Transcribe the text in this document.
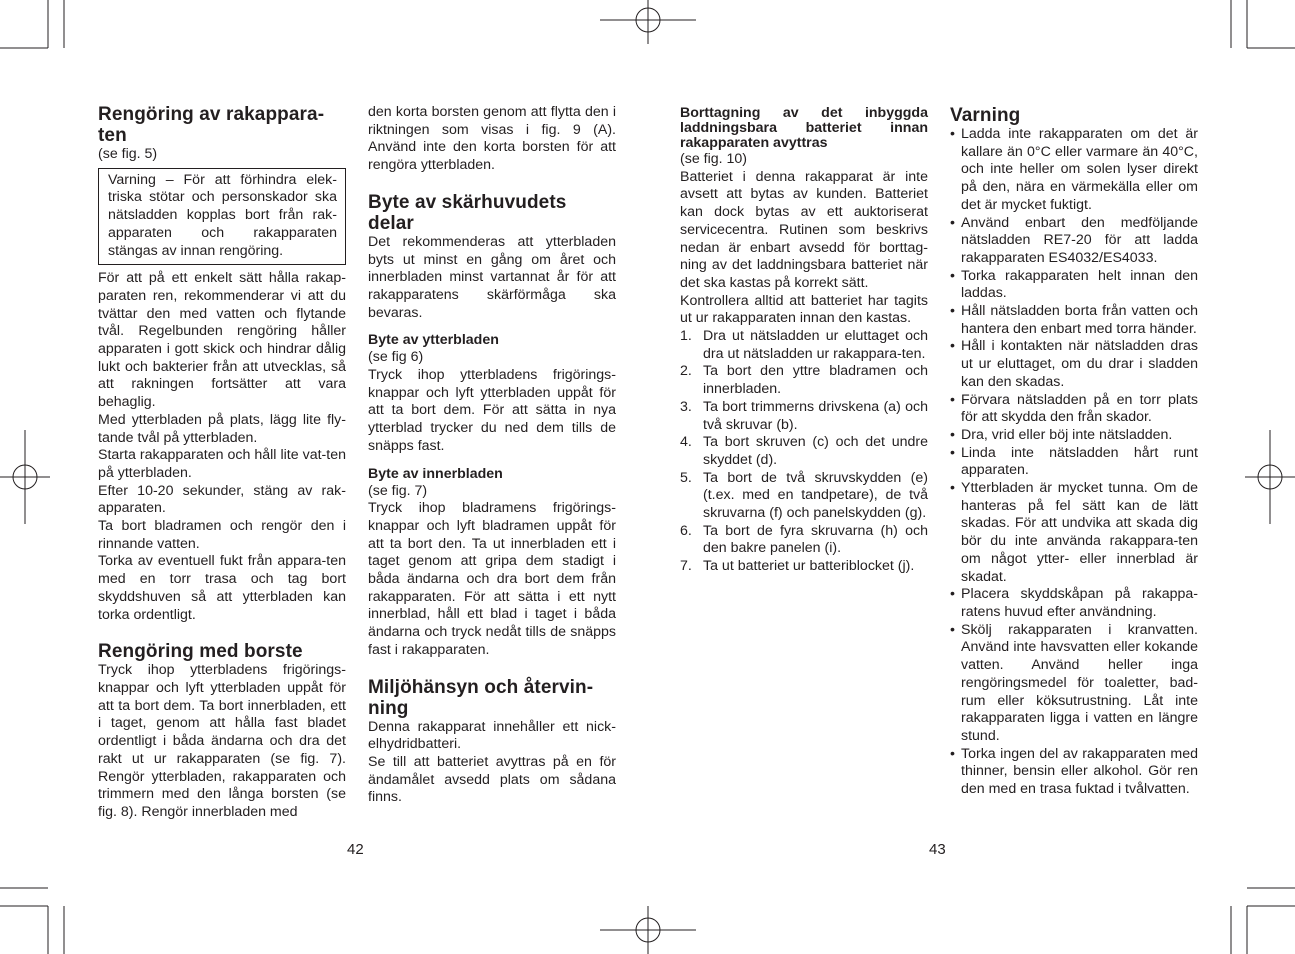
Rengöring av rakappara-ten
(se fig. 5)
Varning – För att förhindra elek-triska stötar och personskador ska nätsladden kopplas bort från rak-apparaten och rakapparaten stängas av innan rengöring.
För att på ett enkelt sätt hålla rakap-paraten ren, rekommenderar vi att du tvättar den med vatten och flytande tvål. Regelbunden rengöring håller apparaten i gott skick och hindrar dålig lukt och bakterier från att utvecklas, så att rakningen fortsätter att vara behaglig.
Med ytterbladen på plats, lägg lite fly-tande tvål på ytterbladen.
Starta rakapparaten och håll lite vat-ten på ytterbladen.
Efter 10-20 sekunder, stäng av rak-apparaten.
Ta bort bladramen och rengör den i rinnande vatten.
Torka av eventuell fukt från appara-ten med en torr trasa och tag bort skyddshuven så att ytterbladen kan torka ordentligt.
Rengöring med borste
Tryck ihop ytterbladens frigörings-knappar och lyft ytterbladen uppåt för att ta bort dem. Ta bort innerbladen, ett i taget, genom att hålla fast bladet ordentligt i båda ändarna och dra det rakt ut ur rakapparaten (se fig. 7). Rengör ytterbladen, rakapparaten och trimmern med den långa borsten (se fig. 8). Rengör innerbladen med
den korta borsten genom att flytta den i riktningen som visas i fig. 9 (A). Använd inte den korta borsten för att rengöra ytterbladen.
Byte av skärhuvudets delar
Det rekommenderas att ytterbladen byts ut minst en gång om året och innerbladen minst vartannat år för att rakapparatens skärförmåga ska bevaras.
Byte av ytterbladen
(se fig 6)
Tryck ihop ytterbladens frigörings-knappar och lyft ytterbladen uppåt för att ta bort dem. För att sätta in nya ytterblad trycker du ned dem tills de snäpps fast.
Byte av innerbladen
(se fig. 7)
Tryck ihop bladramens frigörings-knappar och lyft bladramen uppåt för att ta bort den. Ta ut innerbladen ett i taget genom att gripa dem stadigt i båda ändarna och dra bort dem från rakapparaten. För att sätta i ett nytt innerblad, håll ett blad i taget i båda ändarna och tryck nedåt tills de snäpps fast i rakapparaten.
Miljöhänsyn och återvin-ning
Denna rakapparat innehåller ett nick-elhydridbatteri.
Se till att batteriet avyttras på en för ändamålet avsedd plats om sådana finns.
Borttagning av det inbyggda laddningsbara batteriet innan rakapparaten avyttras
(se fig. 10)
Batteriet i denna rakapparat är inte avsett att bytas av kunden. Batteriet kan dock bytas av ett auktoriserat servicecentra. Rutinen som beskrivs nedan är enbart avsedd för borttag-ning av det laddningsbara batteriet när det ska kastas på korrekt sätt.
Kontrollera alltid att batteriet har tagits ut ur rakapparaten innan den kastas.
1. Dra ut nätsladden ur eluttaget och dra ut nätsladden ur rakappara-ten.
2. Ta bort den yttre bladramen och innerbladen.
3. Ta bort trimmerns drivskena (a) och två skruvar (b).
4. Ta bort skruven (c) och det undre skyddet (d).
5. Ta bort de två skruvskydden (e) (t.ex. med en tandpetare), de två skruvarna (f) och panelskydden (g).
6. Ta bort de fyra skruvarna (h) och den bakre panelen (i).
7. Ta ut batteriet ur batteriblocket (j).
Varning
• Ladda inte rakapparaten om det är kallare än 0°C eller varmare än 40°C, och inte heller om solen lyser direkt på den, nära en värmekälla eller om det är mycket fuktigt.
• Använd enbart den medföljande nätsladden RE7-20 för att ladda rakapparaten ES4032/ES4033.
• Torka rakapparaten helt innan den laddas.
• Håll nätsladden borta från vatten och hantera den enbart med torra händer.
• Håll i kontakten när nätsladden dras ut ur eluttaget, om du drar i sladden kan den skadas.
• Förvara nätsladden på en torr plats för att skydda den från skador.
• Dra, vrid eller böj inte nätsladden.
• Linda inte nätsladden hårt runt apparaten.
• Ytterbladen är mycket tunna. Om de hanteras på fel sätt kan de lätt skadas. För att undvika att skada dig bör du inte använda rakappara-ten om något ytter- eller innerblad är skadat.
• Placera skyddskåpan på rakappa-ratens huvud efter användning.
• Skölj rakapparaten i kranvatten. Använd inte havsvatten eller kokande vatten. Använd heller inga rengöringsmedel för toaletter, bad-rum eller köksutrustning. Låt inte rakapparaten ligga i vatten en längre stund.
• Torka ingen del av rakapparaten med thinner, bensin eller alkohol. Gör ren den med en trasa fuktad i tvålvatten.
42	43
